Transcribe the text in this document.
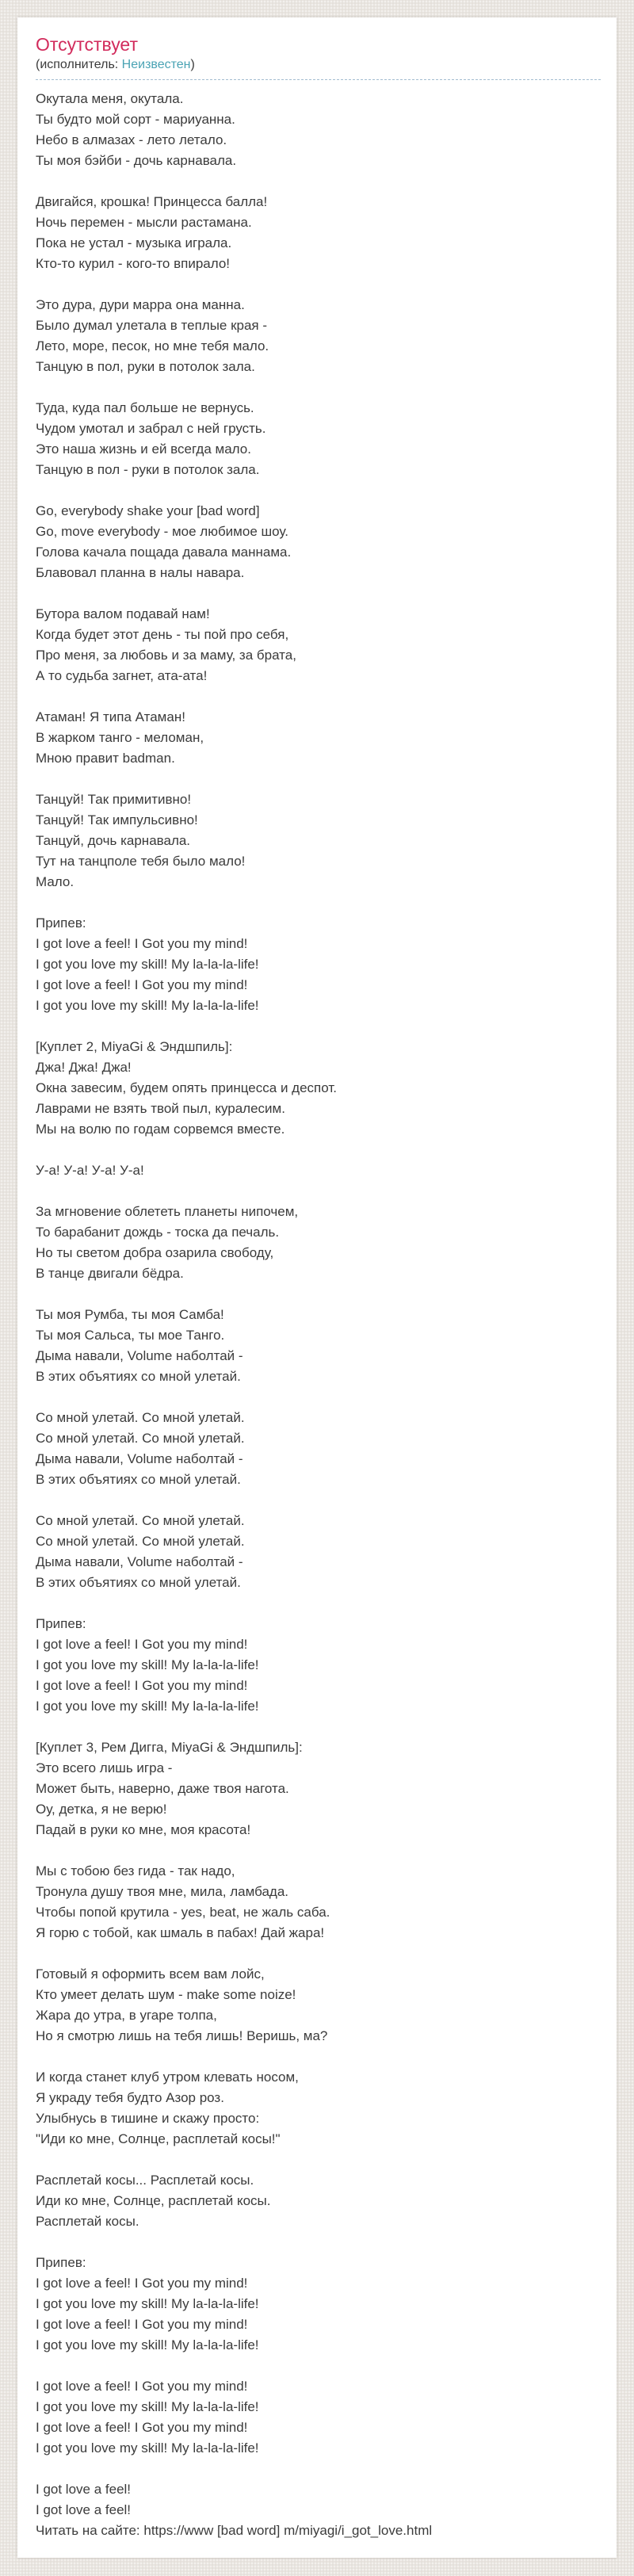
Отсутствует
(исполнитель: Неизвестен)
Окутала меня, окутала.
Ты будто мой сорт - мариуанна.
Небо в алмазах - лето летало.
Ты моя бэйби - дочь карнавала.

Двигайся, крошка! Принцесса балла!
Ночь перемен - мысли растамана.
Пока не устал - музыка играла.
Кто-то курил - кого-то впирало!

Это дура, дури марра она манна.
Было думал улетала в теплые края -
Лето, море, песок, но мне тебя мало.
Танцую в пол, руки в потолок зала.

Туда, куда пал больше не вернусь.
Чудом умотал и забрал с ней грусть.
Это наша жизнь и ей всегда мало.
Танцую в пол - руки в потолок зала.

Go, everybody shake your [bad word]
Go, move everybody - мое любимое шоу.
Голова качала пощада давала маннама.
Блавовал планна в налы навара.

Бутора валом подавай нам!
Когда будет этот день - ты пой про себя,
Про меня, за любовь и за маму, за брата,
А то судьба загнет, ата-ата!

Атаман! Я типа Атаман!
В жарком танго - меломан,
Мною правит badman.

Танцуй! Так примитивно!
Танцуй! Так импульсивно!
Танцуй, дочь карнавала.
Тут на танцполе тебя было мало!
Мало.

Припев:
I got love a feel! I Got you my mind!
I got you love my skill! My la-la-la-life!
I got love a feel! I Got you my mind!
I got you love my skill! My la-la-la-life!

[Куплет 2, MiyaGi & Эндшпиль]:
Джа! Джа! Джа!
Окна завесим, будем опять принцесса и деспот.
Лаврами не взять твой пыл, куралесим.
Мы на волю по годам сорвемся вместе.

У-а! У-а! У-а! У-а!

За мгновение облететь планеты нипочем,
То барабанит дождь - тоска да печаль.
Но ты светом добра озарила свободу,
В танце двигали бёдра.

Ты моя Румба, ты моя Самба!
Ты моя Сальса, ты мое Танго.
Дыма навали, Volume наболтай -
В этих объятиях со мной улетай.

Со мной улетай. Со мной улетай.
Со мной улетай. Со мной улетай.
Дыма навали, Volume наболтай -
В этих объятиях со мной улетай.

Со мной улетай. Со мной улетай.
Со мной улетай. Со мной улетай.
Дыма навали, Volume наболтай -
В этих объятиях со мной улетай.

Припев:
I got love a feel! I Got you my mind!
I got you love my skill! My la-la-la-life!
I got love a feel! I Got you my mind!
I got you love my skill! My la-la-la-life!

[Куплет 3, Рем Дигга, MiyaGi & Эндшпиль]:
Это всего лишь игра -
Может быть, наверно, даже твоя нагота.
Оу, детка, я не верю!
Падай в руки ко мне, моя красота!

Мы с тобою без гида - так надо,
Тронула душу твоя мне, мила, ламбада.
Чтобы попой крутила - yes, beat, не жаль саба.
Я горю с тобой, как шмаль в пабах! Дай жара!

Готовый я оформить всем вам лойс,
Кто умеет делать шум - make some noize!
Жара до утра, в угаре толпа,
Но я смотрю лишь на тебя лишь! Веришь, ма?

И когда станет клуб утром клевать носом,
Я украду тебя будто Азор роз.
Улыбнусь в тишине и скажу просто:
"Иди ко мне, Солнце, расплетай косы!"

Расплетай косы... Расплетай косы.
Иди ко мне, Солнце, расплетай косы.
Расплетай косы.

Припев:
I got love a feel! I Got you my mind!
I got you love my skill! My la-la-la-life!
I got love a feel! I Got you my mind!
I got you love my skill! My la-la-la-life!

I got love a feel! I Got you my mind!
I got you love my skill! My la-la-la-life!
I got love a feel! I Got you my mind!
I got you love my skill! My la-la-la-life!

I got love a feel!
I got love a feel!
Читать на сайте: https://www [bad word] m/miyagi/i_got_love.html
